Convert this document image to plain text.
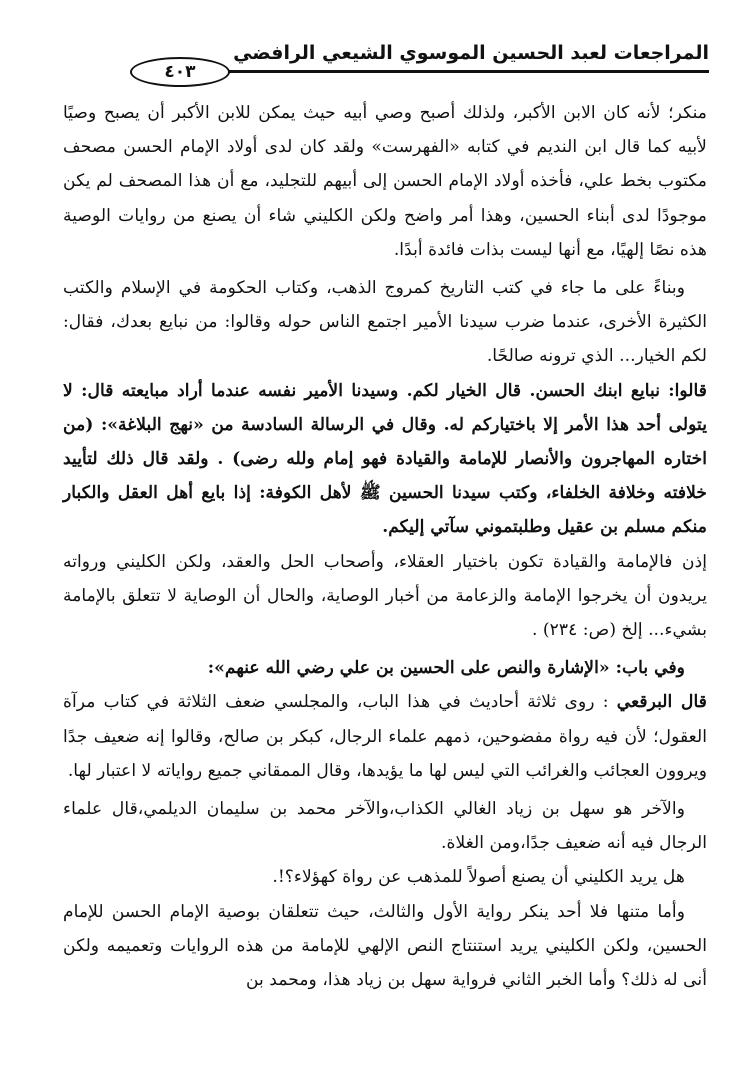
المراجعات لعبد الحسين الموسوي الشيعي الرافضي
٤٠٣

منكر؛ لأنه كان الابن الأكبر، ولذلك أصبح وصي أبيه حيث يمكن للابن الأكبر أن يصبح وصيًا لأبيه كما قال ابن النديم في كتابه «الفهرست» ولقد كان لدى أولاد الإمام الحسن مصحف مكتوب بخط علي، فأخذه أولاد الإمام الحسن إلى أبيهم للتجليد، مع أن هذا المصحف لم يكن موجودًا لدى أبناء الحسين، وهذا أمر واضح ولكن الكليني شاء أن يصنع من روايات الوصية هذه نصًا إلهيًا، مع أنها ليست بذات فائدة أبدًا.

وبناءً على ما جاء في كتب التاريخ كمروج الذهب، وكتاب الحكومة في الإسلام والكتب الكثيرة الأخرى، عندما ضرب سيدنا الأمير اجتمع الناس حوله وقالوا: من نبايع بعدك، فقال: لكم الخيار... الذي ترونه صالحًا.

قالوا: نبايع ابنك الحسن. قال الخيار لكم. وسيدنا الأمير نفسه عندما أراد مبايعته قال: لا يتولى أحد هذا الأمر إلا باختياركم له. وقال في الرسالة السادسة من «نهج البلاغة»: (من اختاره المهاجرون والأنصار للإمامة والقيادة فهو إمام ولله رضى) . ولقد قال ذلك لتأييد خلافته وخلافة الخلفاء، وكتب سيدنا الحسين ﷺ لأهل الكوفة: إذا بايع أهل العقل والكبار منكم مسلم بن عقيل وطلبتموني سآتي إليكم.

إذن فالإمامة والقيادة تكون باختيار العقلاء، وأصحاب الحل والعقد، ولكن الكليني ورواته يريدون أن يخرجوا الإمامة والزعامة من أخبار الوصاية، والحال أن الوصاية لا تتعلق بالإمامة بشيء... إلخ (ص: ٢٣٤) .

وفي باب: «الإشارة والنص على الحسين بن علي رضي الله عنهم»:

قال البرقعي : روى ثلاثة أحاديث في هذا الباب، والمجلسي ضعف الثلاثة في كتاب مرآة العقول؛ لأن فيه رواة مفضوحين، ذمهم علماء الرجال، كبكر بن صالح، وقالوا إنه ضعيف جدًا ويروون العجائب والغرائب التي ليس لها ما يؤيدها، وقال الممقاني جميع رواياته لا اعتبار لها.

والآخر هو سهل بن زياد الغالي الكذاب،والآخر محمد بن سليمان الديلمي،قال علماء الرجال فيه أنه ضعيف جدًا،ومن الغلاة.

هل يريد الكليني أن يصنع أصولاً للمذهب عن رواة كهؤلاء؟!.

وأما متنها فلا أحد ينكر رواية الأول والثالث، حيث تتعلقان بوصية الإمام الحسن للإمام الحسين، ولكن الكليني يريد استنتاج النص الإلهي للإمامة من هذه الروايات وتعميمه ولكن أنى له ذلك؟ وأما الخبر الثاني فرواية سهل بن زياد هذا، ومحمد بن
